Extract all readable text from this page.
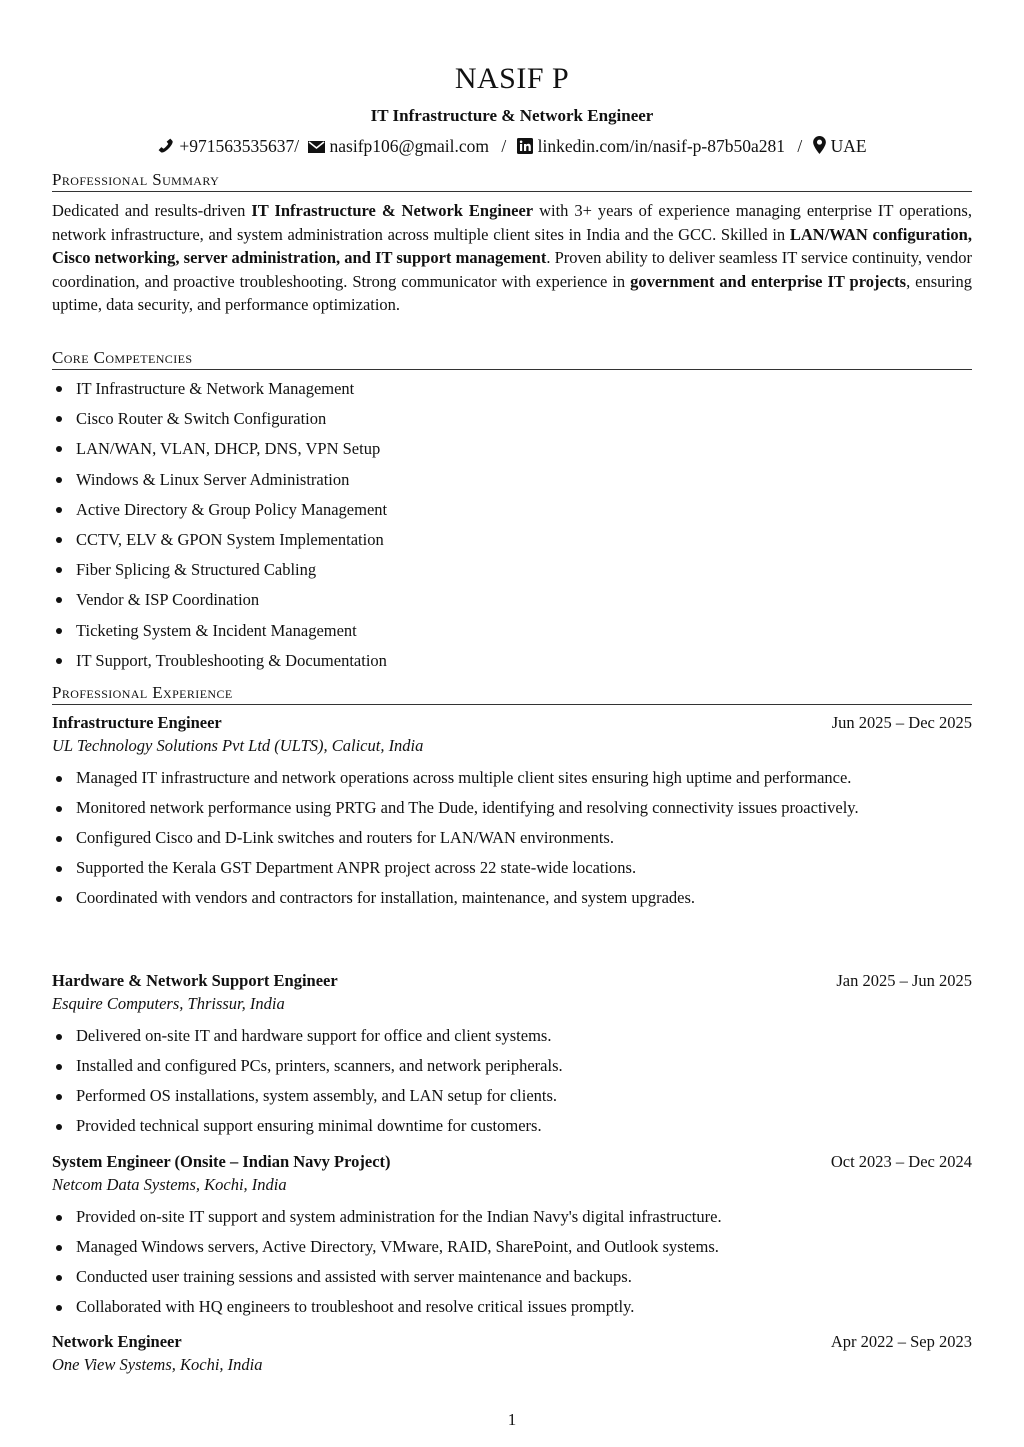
NASIF P
IT Infrastructure & Network Engineer
+971563535637/ nasifp106@gmail.com / linkedin.com/in/nasif-p-87b50a281 / UAE
Professional Summary
Dedicated and results-driven IT Infrastructure & Network Engineer with 3+ years of experience managing enterprise IT operations, network infrastructure, and system administration across multiple client sites in India and the GCC. Skilled in LAN/WAN configuration, Cisco networking, server administration, and IT support management. Proven ability to deliver seamless IT service continuity, vendor coordination, and proactive troubleshooting. Strong communicator with experience in government and enterprise IT projects, ensuring uptime, data security, and performance optimization.
Core Competencies
IT Infrastructure & Network Management
Cisco Router & Switch Configuration
LAN/WAN, VLAN, DHCP, DNS, VPN Setup
Windows & Linux Server Administration
Active Directory & Group Policy Management
CCTV, ELV & GPON System Implementation
Fiber Splicing & Structured Cabling
Vendor & ISP Coordination
Ticketing System & Incident Management
IT Support, Troubleshooting & Documentation
Professional Experience
Infrastructure Engineer	Jun 2025 – Dec 2025
UL Technology Solutions Pvt Ltd (ULTS), Calicut, India
Managed IT infrastructure and network operations across multiple client sites ensuring high uptime and performance.
Monitored network performance using PRTG and The Dude, identifying and resolving connectivity issues proactively.
Configured Cisco and D-Link switches and routers for LAN/WAN environments.
Supported the Kerala GST Department ANPR project across 22 state-wide locations.
Coordinated with vendors and contractors for installation, maintenance, and system upgrades.
Hardware & Network Support Engineer	Jan 2025 – Jun 2025
Esquire Computers, Thrissur, India
Delivered on-site IT and hardware support for office and client systems.
Installed and configured PCs, printers, scanners, and network peripherals.
Performed OS installations, system assembly, and LAN setup for clients.
Provided technical support ensuring minimal downtime for customers.
System Engineer (Onsite – Indian Navy Project)	Oct 2023 – Dec 2024
Netcom Data Systems, Kochi, India
Provided on-site IT support and system administration for the Indian Navy's digital infrastructure.
Managed Windows servers, Active Directory, VMware, RAID, SharePoint, and Outlook systems.
Conducted user training sessions and assisted with server maintenance and backups.
Collaborated with HQ engineers to troubleshoot and resolve critical issues promptly.
Network Engineer	Apr 2022 – Sep 2023
One View Systems, Kochi, India
1
